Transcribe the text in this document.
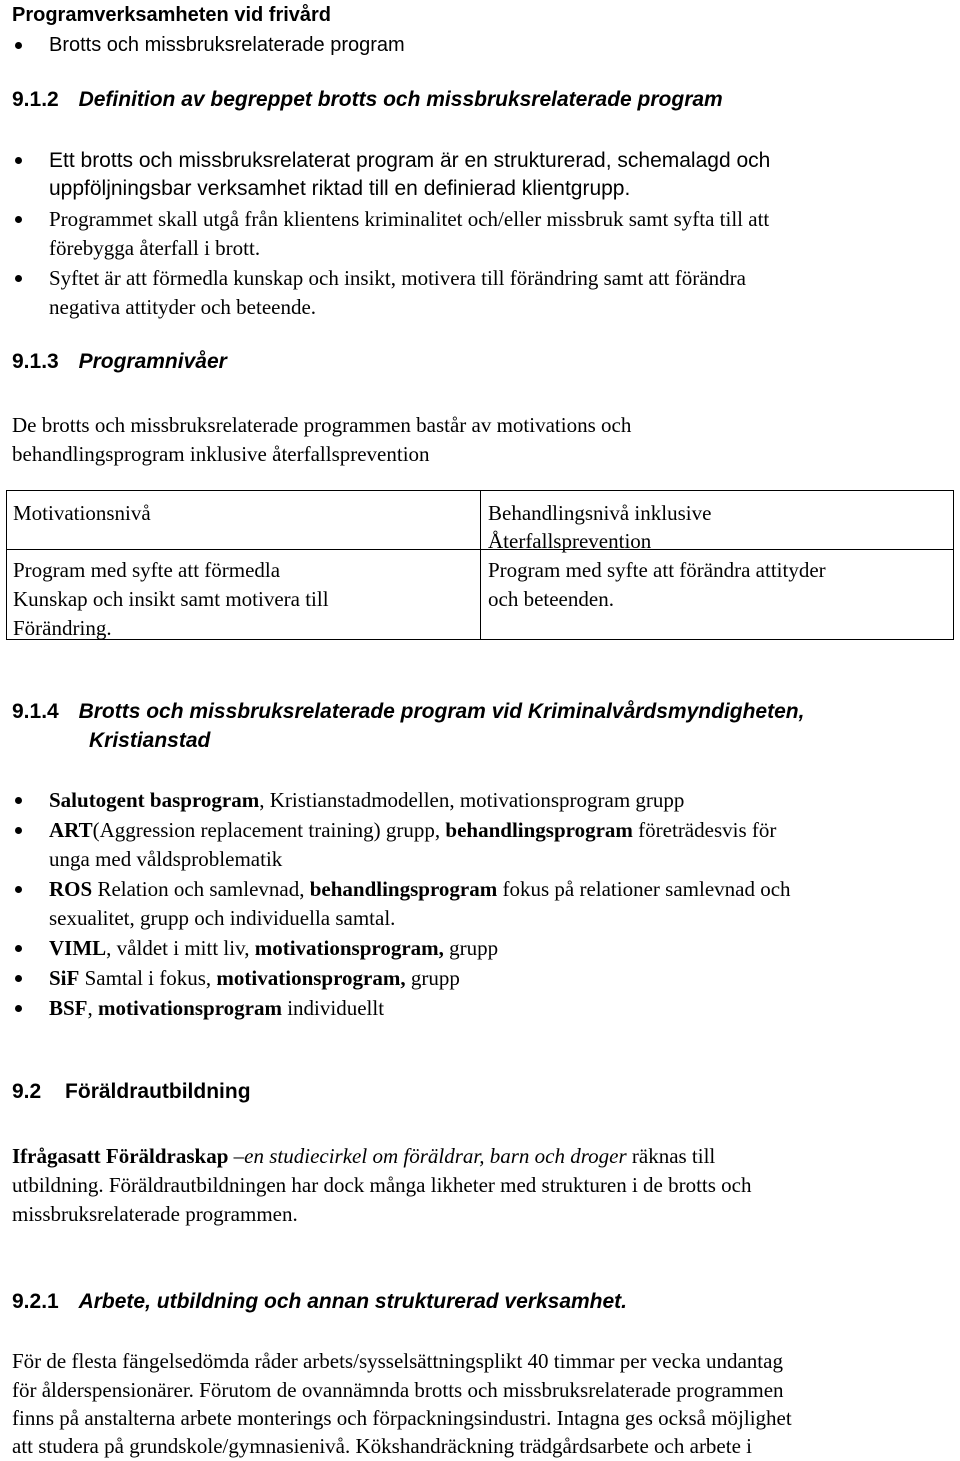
Programverksamheten vid frivård
Brotts och missbruksrelaterade program
9.1.2 Definition av begreppet brotts och missbruksrelaterade program
Ett brotts och missbruksrelaterat program är en strukturerad, schemalagd och
uppföljningsbar verksamhet riktad till en definierad klientgrupp.
Programmet skall utgå från klientens kriminalitet och/eller missbruk samt syfta till att
förebygga återfall i brott.
Syftet är att förmedla kunskap och insikt, motivera till förändring samt att förändra
negativa attityder och beteende.
9.1.3 Programnivåer
De brotts och missbruksrelaterade programmen bastår av motivations och
behandlingsprogram inklusive återfallsprevention
Motivationsnivå	Behandlingsnivå inklusive
Återfallsprevention
Program med syfte att förmedla
Kunskap och insikt samt motivera till
Förändring.
Program med syfte att förändra attityder
och beteenden.
9.1.4 Brotts och missbruksrelaterade program vid Kriminalvårdsmyndigheten,
Kristianstad
Salutogent basprogram, Kristianstadmodellen, motivationsprogram grupp
ART(Aggression replacement training) grupp, behandlingsprogram företrädesvis för
unga med våldsproblematik
ROS Relation och samlevnad, behandlingsprogram fokus på relationer samlevnad och
sexualitet, grupp och individuella samtal.
VIML, våldet i mitt liv, motivationsprogram, grupp
SiF Samtal i fokus, motivationsprogram, grupp
BSF, motivationsprogram individuellt
9.2 Föräldrautbildning
Ifrågasatt Föräldraskap –en studiecirkel om föräldrar, barn och droger räknas till
utbildning. Föräldrautbildningen har dock många likheter med strukturen i de brotts och
missbruksrelaterade programmen.
9.2.1 Arbete, utbildning och annan strukturerad verksamhet.
För de flesta fängelsedömda råder arbets/sysselsättningsplikt 40 timmar per vecka undantag
för ålderspensionärer. Förutom de ovannämnda brotts och missbruksrelaterade programmen
finns på anstalterna arbete monterings och förpackningsindustri. Intagna ges också möjlighet
att studera på grundskole/gymnasienivå. Kökshandräckning trädgårdsarbete och arbete i
